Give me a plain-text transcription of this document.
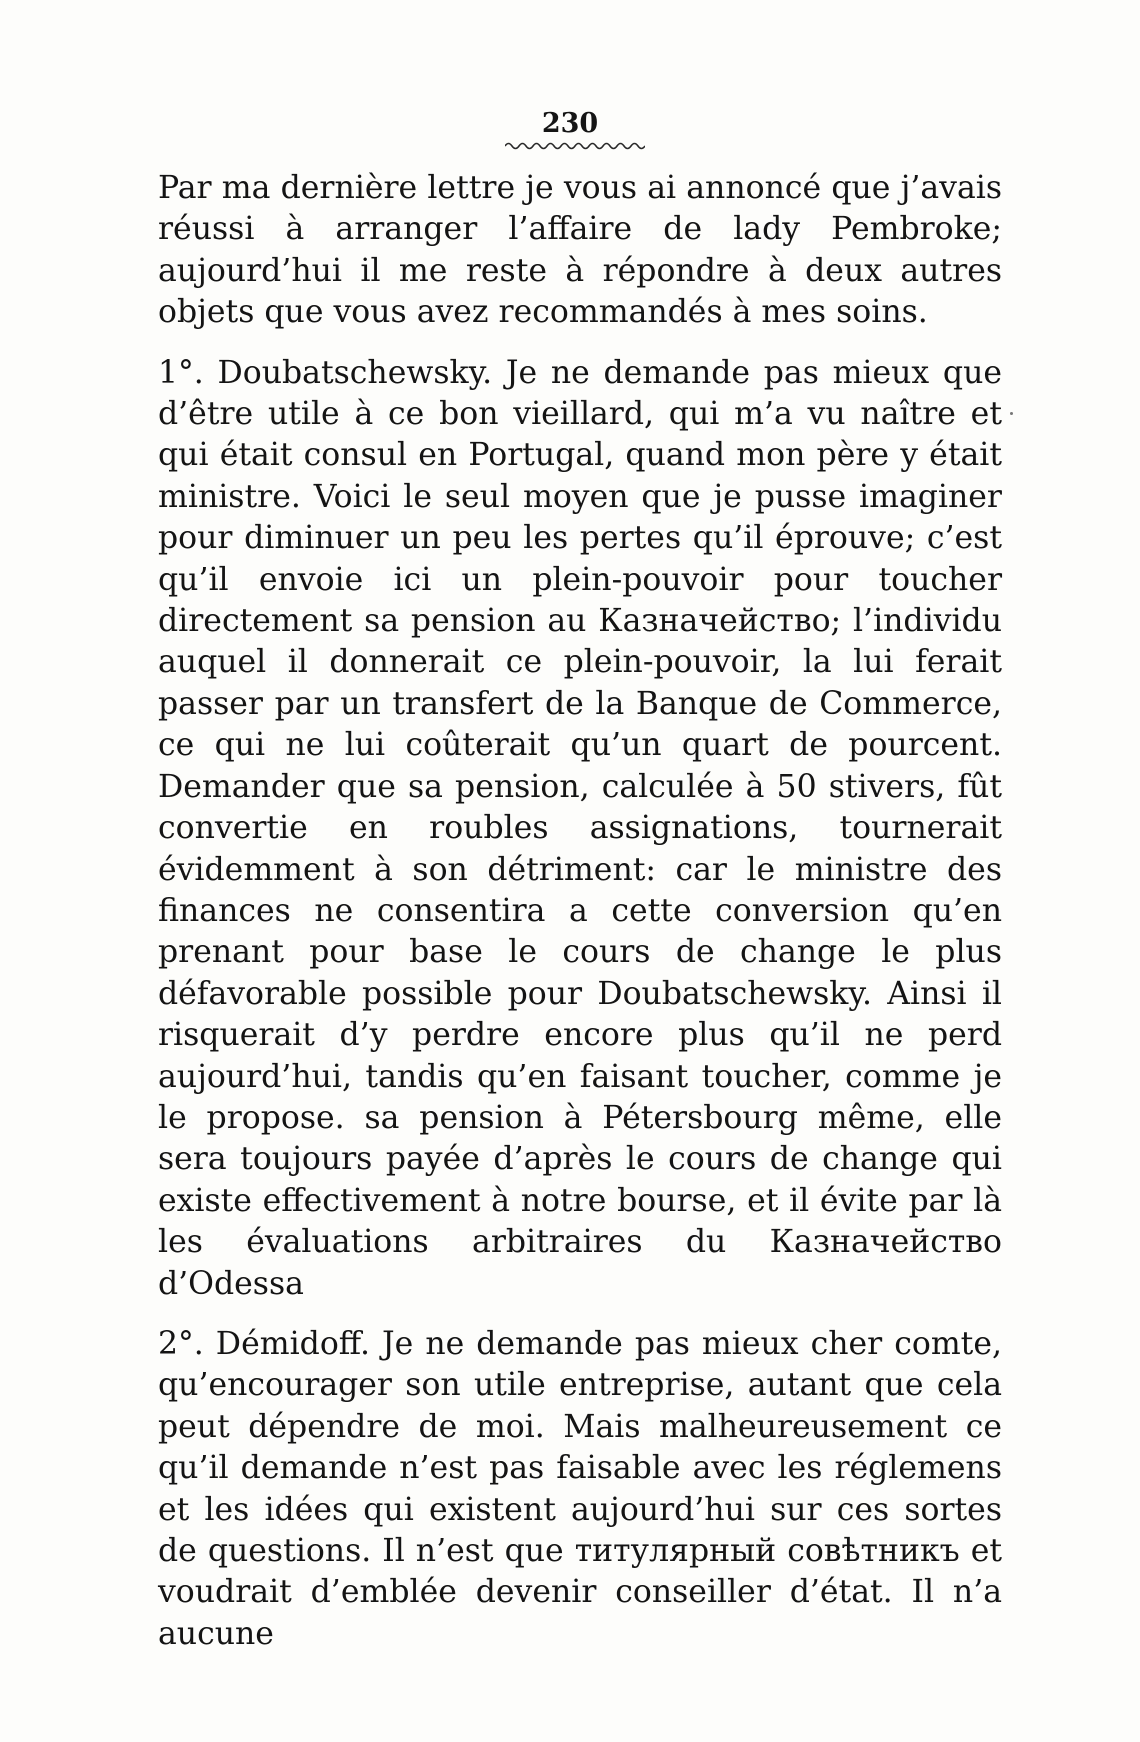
230

Par ma dernière lettre je vous ai annoncé que j’avais réussi à arranger l’affaire de lady Pembroke; aujourd’hui il me reste à répondre à deux autres objets que vous avez recommandés à mes soins.

1°. Doubatschewsky. Je ne demande pas mieux que d’être utile à ce bon vieillard, qui m’a vu naître et qui était consul en Portugal, quand mon père y était ministre. Voici le seul moyen que je pusse imaginer pour diminuer un peu les pertes qu’il éprouve; c’est qu’il envoie ici un plein-pouvoir pour toucher directement sa pension au Казначейство; l’individu auquel il donnerait ce plein-pouvoir, la lui ferait passer par un transfert de la Banque de Commerce, ce qui ne lui coûterait qu’un quart de pourcent. Demander que sa pension, calculée à 50 stivers, fût convertie en roubles assignations, tournerait évidemment à son détriment: car le ministre des finances ne consentira a cette conversion qu’en prenant pour base le cours de change le plus défavorable possible pour Doubatschewsky. Ainsi il risquerait d’y perdre encore plus qu’il ne perd aujourd’hui, tandis qu’en faisant toucher, comme je le propose. sa pension à Pétersbourg même, elle sera toujours payée d’après le cours de change qui existe effectivement à notre bourse, et il évite par là les évaluations arbitraires du Казначейство d’Odessa

2°. Démidoff. Je ne demande pas mieux cher comte, qu’encourager son utile entreprise, autant que cela peut dépendre de moi. Mais malheureusement ce qu’il demande n’est pas faisable avec les réglemens et les idées qui existent aujourd’hui sur ces sortes de questions. Il n’est que титулярный совѣтникъ et voudrait d’emblée devenir conseiller d’état. Il n’a aucune
